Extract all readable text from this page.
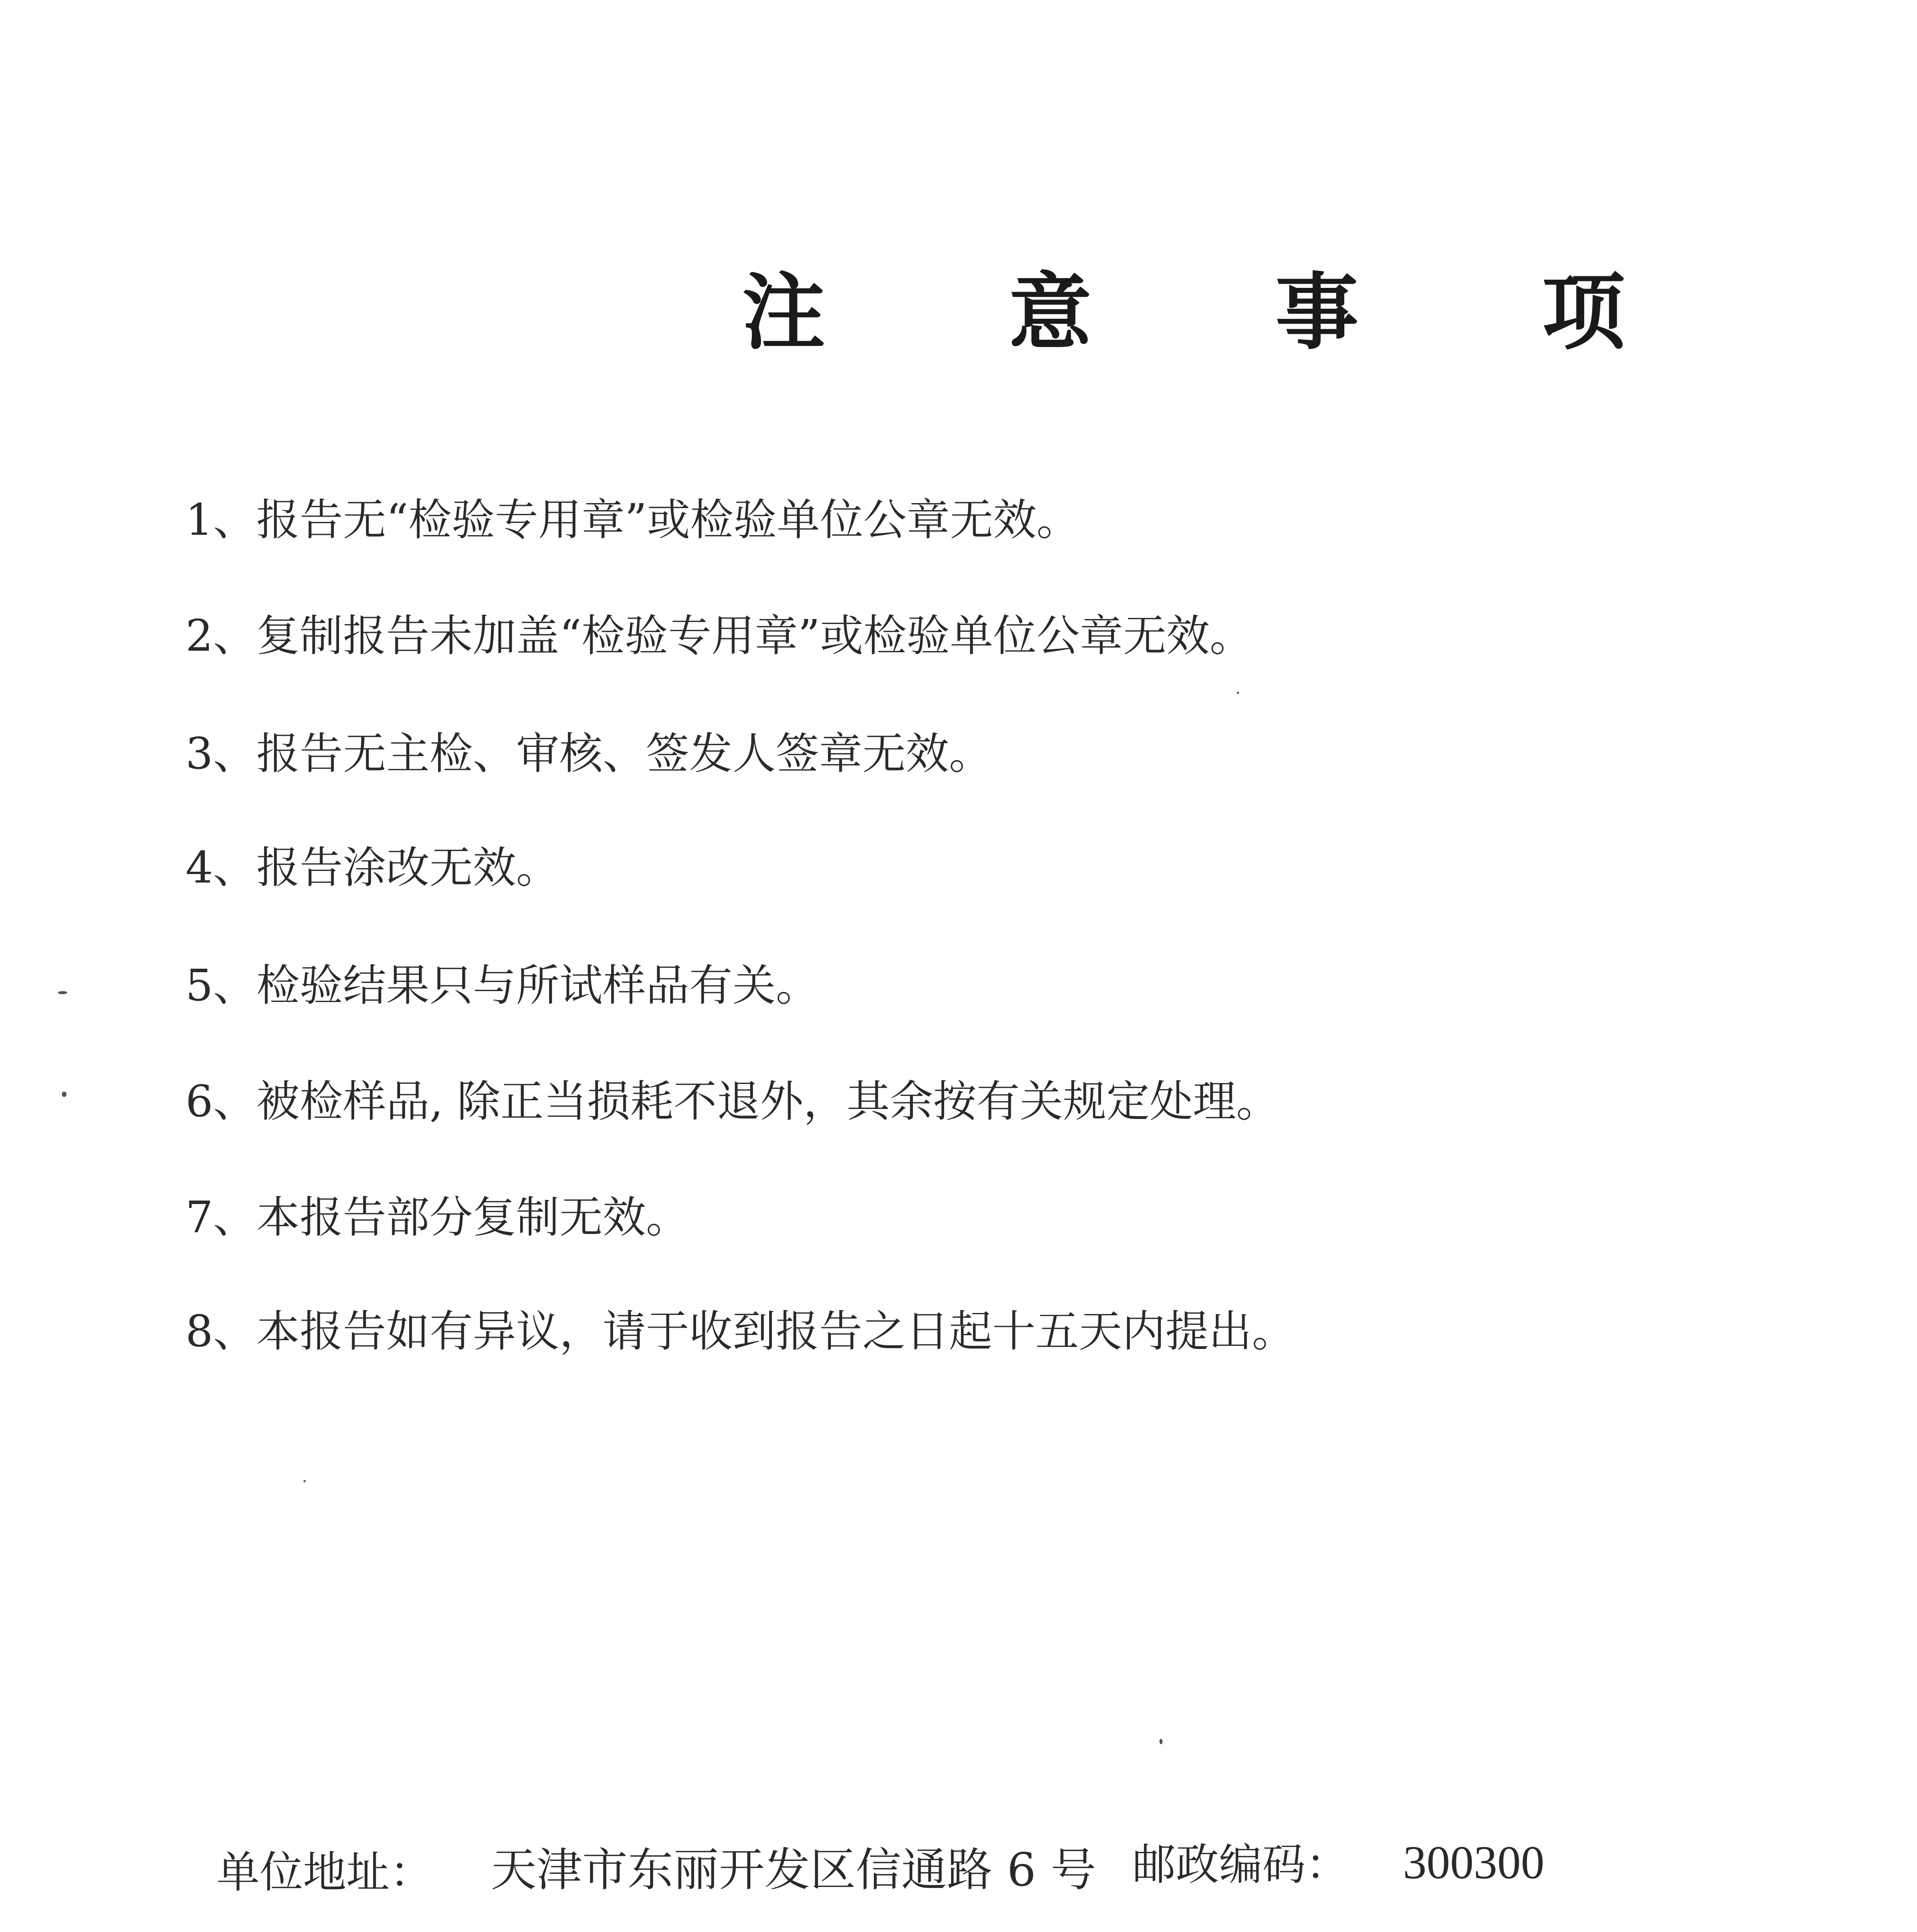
注 意 事 项
1、报告无“检验专用章”或检验单位公章无效。
2、复制报告未加盖“检验专用章”或检验单位公章无效。
3、报告无主检、审核、签发人签章无效。
4、报告涂改无效。
5、检验结果只与所试样品有关。
6、被检样品, 除正当损耗不退外，其余按有关规定处理。
7、本报告部分复制无效。
8、本报告如有异议，请于收到报告之日起十五天内提出。
单位地址： 天津市东丽开发区信通路 6 号 邮政编码： 300300
